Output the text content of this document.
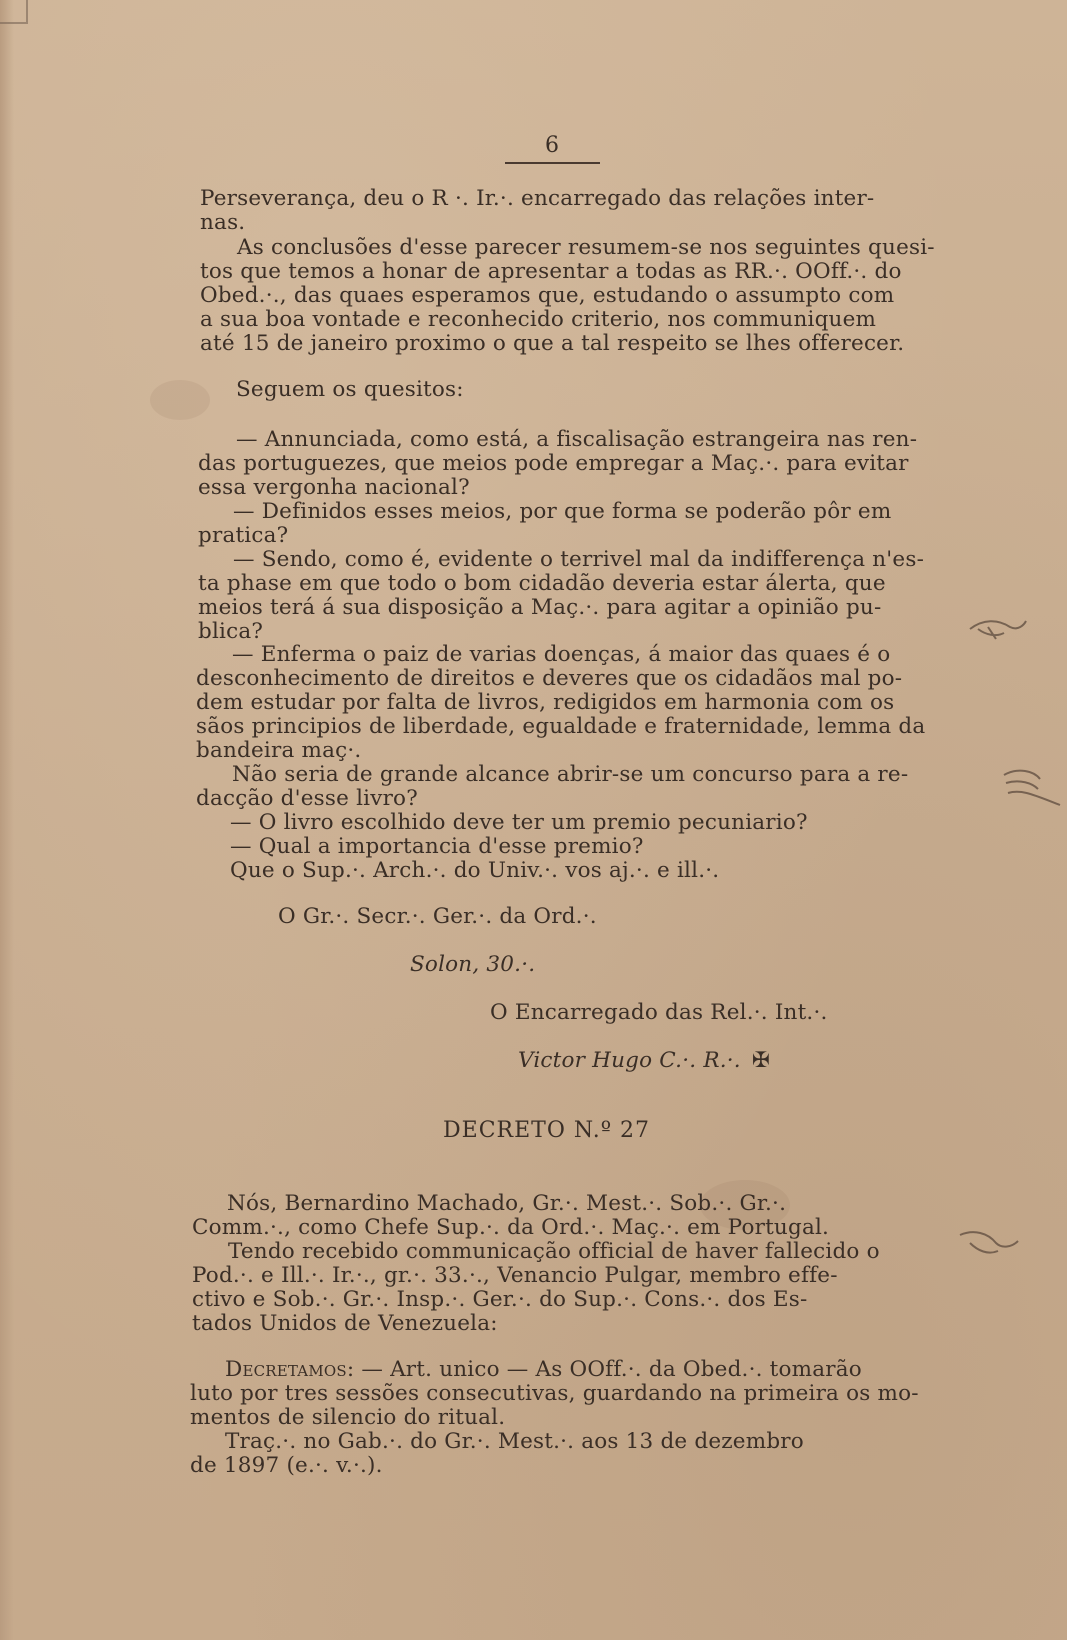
6

Perseverança, deu o R ·. Ir.·. encarregado das relações inter-

nas.

As conclusões d'esse parecer resumem-se nos seguintes quesi-

tos que temos a honar de apresentar a todas as RR.·. OOff.·. do

Obed.·., das quaes esperamos que, estudando o assumpto com

a sua boa vontade e reconhecido criterio, nos communiquem

até 15 de janeiro proximo o que a tal respeito se lhes offerecer.

Seguem os quesitos:

— Annunciada, como está, a fiscalisação estrangeira nas ren-

das portuguezes, que meios pode empregar a Maç.·. para evitar

essa vergonha nacional?

— Definidos esses meios, por que forma se poderão pôr em

pratica?

— Sendo, como é, evidente o terrivel mal da indifferença n'es-

ta phase em que todo o bom cidadão deveria estar álerta, que

meios terá á sua disposição a Maç.·. para agitar a opinião pu-

blica?

— Enferma o paiz de varias doenças, á maior das quaes é o

desconhecimento de direitos e deveres que os cidadãos mal po-

dem estudar por falta de livros, redigidos em harmonia com os

sãos principios de liberdade, egualdade e fraternidade, lemma da

bandeira maç·.

Não seria de grande alcance abrir-se um concurso para a re-

dacção d'esse livro?

— O livro escolhido deve ter um premio pecuniario?

— Qual a importancia d'esse premio?

Que o Sup.·. Arch.·. do Univ.·. vos aj.·. e ill.·.

O Gr.·. Secr.·. Ger.·. da Ord.·.

Solon, 30.·.

O Encarregado das Rel.·. Int.·.

Victor Hugo C.·. R.·. ✠

DECRETO N.º 27

Nós, Bernardino Machado, Gr.·. Mest.·. Sob.·. Gr.·.

Comm.·., como Chefe Sup.·. da Ord.·. Maç.·. em Portugal.

Tendo recebido communicação official de haver fallecido o

Pod.·. e Ill.·. Ir.·., gr.·. 33.·., Venancio Pulgar, membro effe-

ctivo e Sob.·. Gr.·. Insp.·. Ger.·. do Sup.·. Cons.·. dos Es-

tados Unidos de Venezuela:

Decretamos: — Art. unico — As OOff.·. da Obed.·. tomarão

luto por tres sessões consecutivas, guardando na primeira os mo-

mentos de silencio do ritual.

Traç.·. no Gab.·. do Gr.·. Mest.·. aos 13 de dezembro

de 1897 (e.·. v.·.).
